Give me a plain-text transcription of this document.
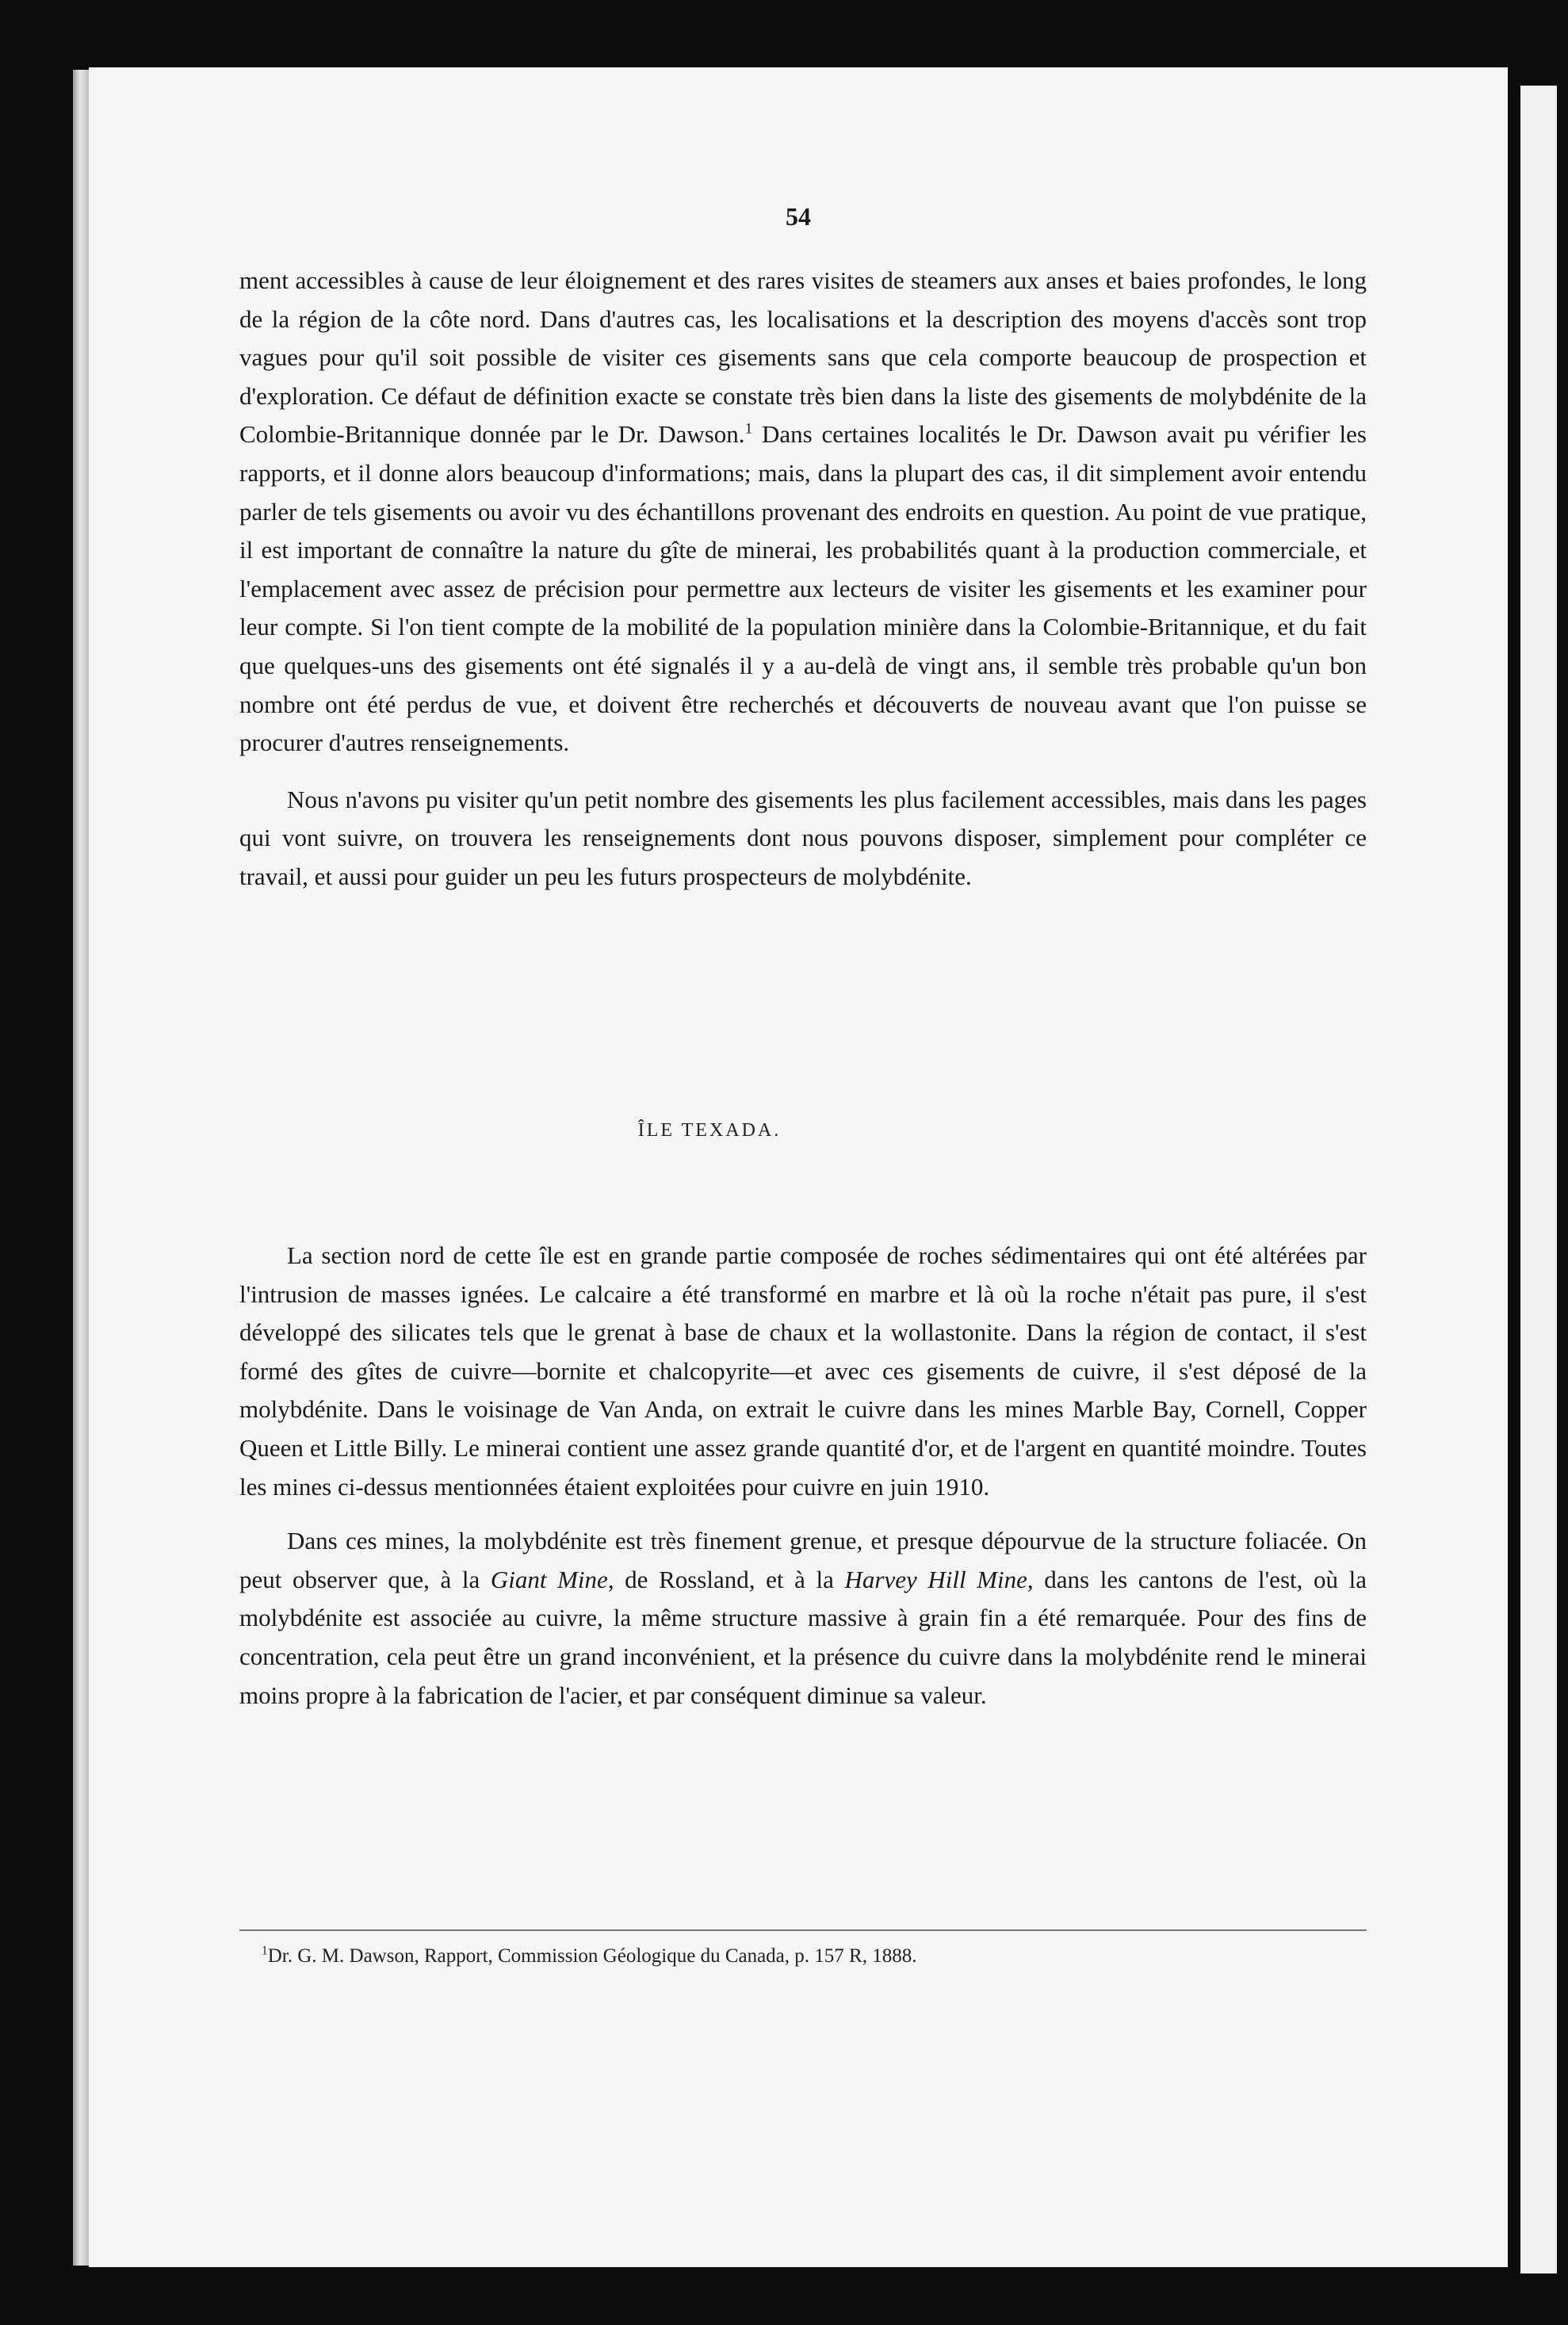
54

ment accessibles à cause de leur éloignement et des rares visites de steamers aux anses et baies profondes, le long de la région de la côte nord. Dans d'autres cas, les localisations et la description des moyens d'accès sont trop vagues pour qu'il soit possible de visiter ces gisements sans que cela comporte beaucoup de prospection et d'exploration. Ce défaut de définition exacte se constate très bien dans la liste des gisements de molybdénite de la Colombie-Britannique donnée par le Dr. Dawson.$^1$ Dans certaines localités le Dr. Dawson avait pu vérifier les rapports, et il donne alors beaucoup d'informations; mais, dans la plupart des cas, il dit simplement avoir entendu parler de tels gisements ou avoir vu des échantillons provenant des endroits en question. Au point de vue pratique, il est important de connaître la nature du gîte de minerai, les probabilités quant à la production commerciale, et l'emplacement avec assez de précision pour permettre aux lecteurs de visiter les gisements et les examiner pour leur compte. Si l'on tient compte de la mobilité de la population minière dans la Colombie-Britannique, et du fait que quelques-uns des gisements ont été signalés il y a au-delà de vingt ans, il semble très probable qu'un bon nombre ont été perdus de vue, et doivent être recherchés et découverts de nouveau avant que l'on puisse se procurer d'autres renseignements.

Nous n'avons pu visiter qu'un petit nombre des gisements les plus facilement accessibles, mais dans les pages qui vont suivre, on trouvera les renseignements dont nous pouvons disposer, simplement pour compléter ce travail, et aussi pour guider un peu les futurs prospecteurs de molybdénite.

ÎLE TEXADA.

La section nord de cette île est en grande partie composée de roches sédimentaires qui ont été altérées par l'intrusion de masses ignées. Le calcaire a été transformé en marbre et là où la roche n'était pas pure, il s'est développé des silicates tels que le grenat à base de chaux et la wollastonite. Dans la région de contact, il s'est formé des gîtes de cuivre—bornite et chalcopyrite—et avec ces gisements de cuivre, il s'est déposé de la molybdénite. Dans le voisinage de Van Anda, on extrait le cuivre dans les mines Marble Bay, Cornell, Copper Queen et Little Billy. Le minerai contient une assez grande quantité d'or, et de l'argent en quantité moindre. Toutes les mines ci-dessus mentionnées étaient exploitées pour cuivre en juin 1910.

Dans ces mines, la molybdénite est très finement grenue, et presque dépourvue de la structure foliacée. On peut observer que, à la Giant Mine, de Rossland, et à la Harvey Hill Mine, dans les cantons de l'est, où la molybdénite est associée au cuivre, la même structure massive à grain fin a été remarquée. Pour des fins de concentration, cela peut être un grand inconvénient, et la présence du cuivre dans la molybdénite rend le minerai moins propre à la fabrication de l'acier, et par conséquent diminue sa valeur.

$^1$Dr. G. M. Dawson, Rapport, Commission Géologique du Canada, p. 157 R, 1888.
